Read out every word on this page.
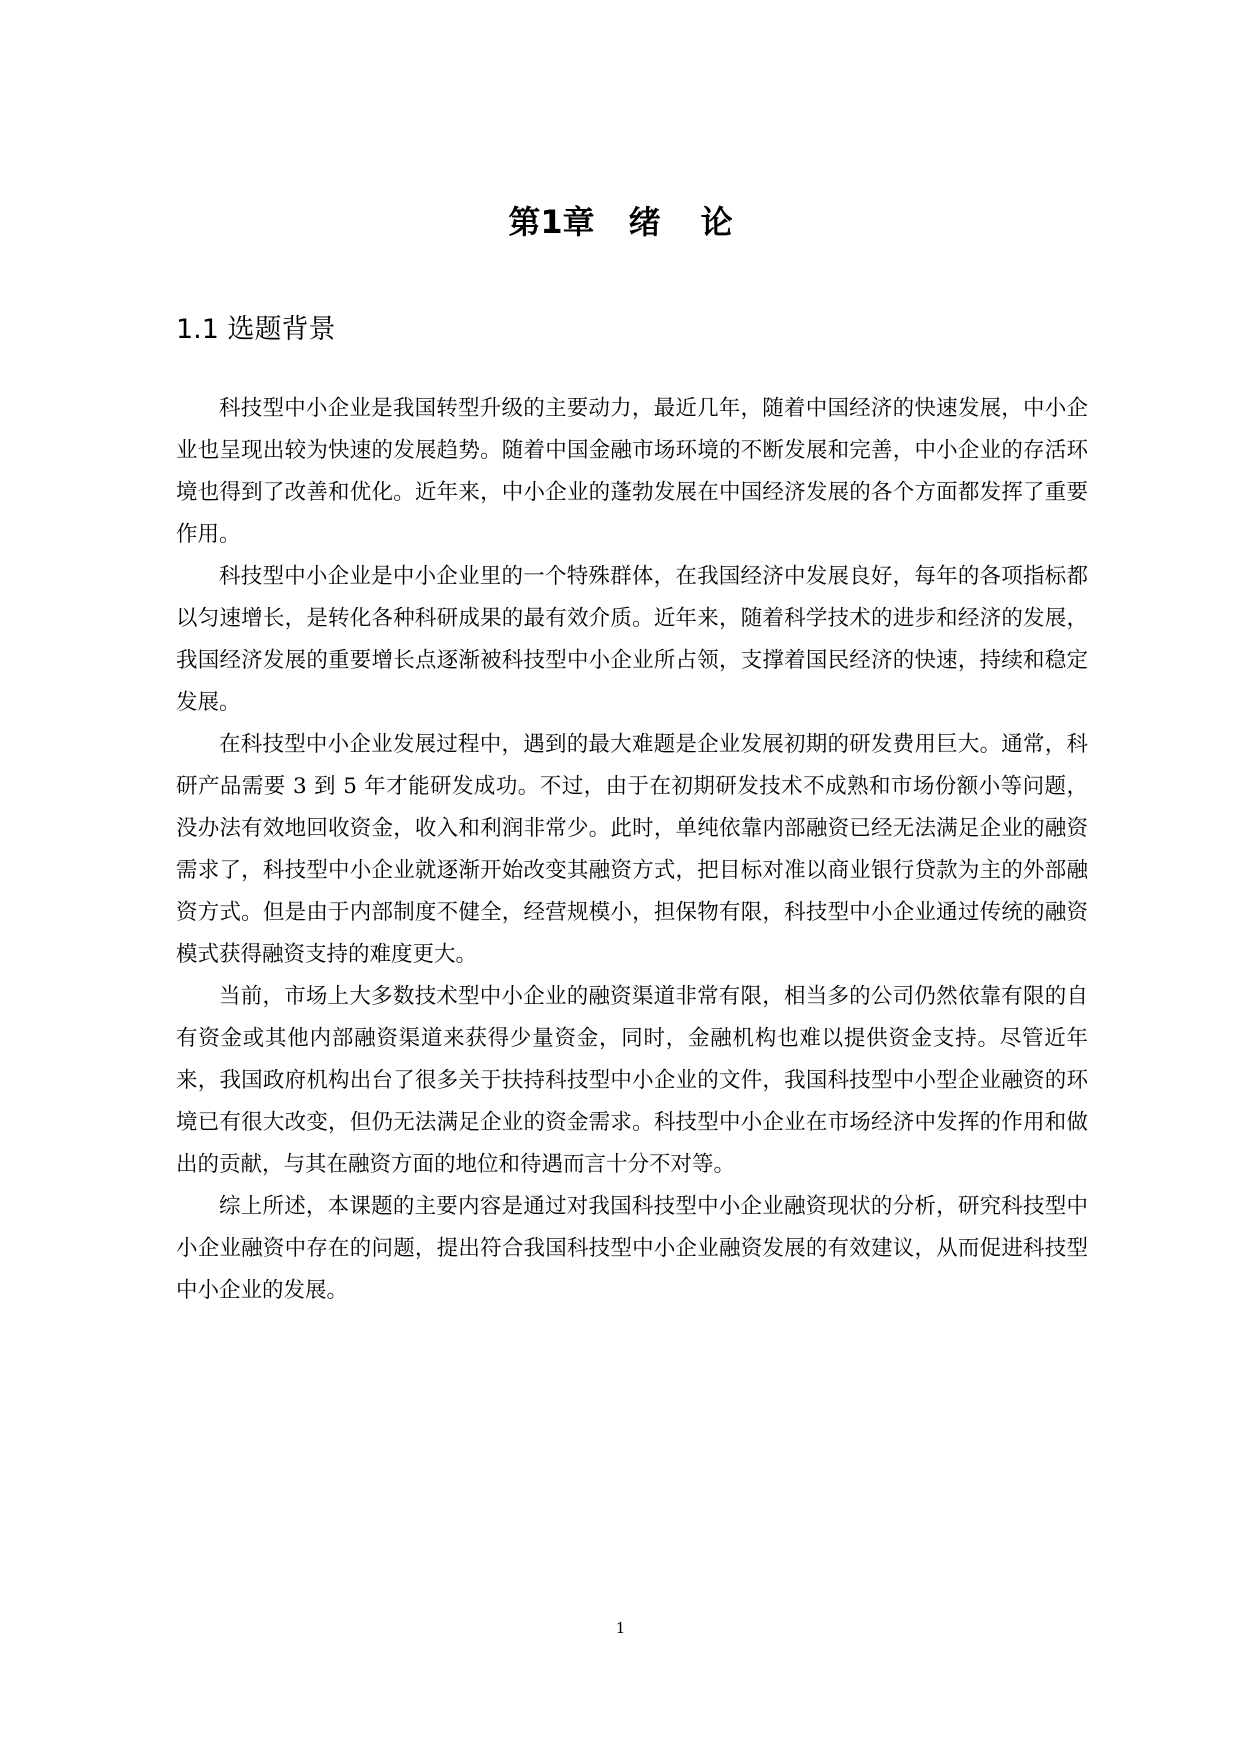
第1章 绪 论
1.1 选题背景

科技型中小企业是我国转型升级的主要动力，最近几年，随着中国经济的快速发展，中小企业也呈现出较为快速的发展趋势。随着中国金融市场环境的不断发展和完善，中小企业的存活环境也得到了改善和优化。近年来，中小企业的蓬勃发展在中国经济发展的各个方面都发挥了重要作用。

科技型中小企业是中小企业里的一个特殊群体，在我国经济中发展良好，每年的各项指标都以匀速增长，是转化各种科研成果的最有效介质。近年来，随着科学技术的进步和经济的发展，我国经济发展的重要增长点逐渐被科技型中小企业所占领，支撑着国民经济的快速，持续和稳定发展。

在科技型中小企业发展过程中，遇到的最大难题是企业发展初期的研发费用巨大。通常，科研产品需要 3 到 5 年才能研发成功。不过，由于在初期研发技术不成熟和市场份额小等问题，没办法有效地回收资金，收入和利润非常少。此时，单纯依靠内部融资已经无法满足企业的融资需求了，科技型中小企业就逐渐开始改变其融资方式，把目标对准以商业银行贷款为主的外部融资方式。但是由于内部制度不健全，经营规模小，担保物有限，科技型中小企业通过传统的融资模式获得融资支持的难度更大。

当前，市场上大多数技术型中小企业的融资渠道非常有限，相当多的公司仍然依靠有限的自有资金或其他内部融资渠道来获得少量资金，同时，金融机构也难以提供资金支持。尽管近年来，我国政府机构出台了很多关于扶持科技型中小企业的文件，我国科技型中小型企业融资的环境已有很大改变，但仍无法满足企业的资金需求。科技型中小企业在市场经济中发挥的作用和做出的贡献，与其在融资方面的地位和待遇而言十分不对等。

综上所述，本课题的主要内容是通过对我国科技型中小企业融资现状的分析，研究科技型中小企业融资中存在的问题，提出符合我国科技型中小企业融资发展的有效建议，从而促进科技型中小企业的发展。

1
